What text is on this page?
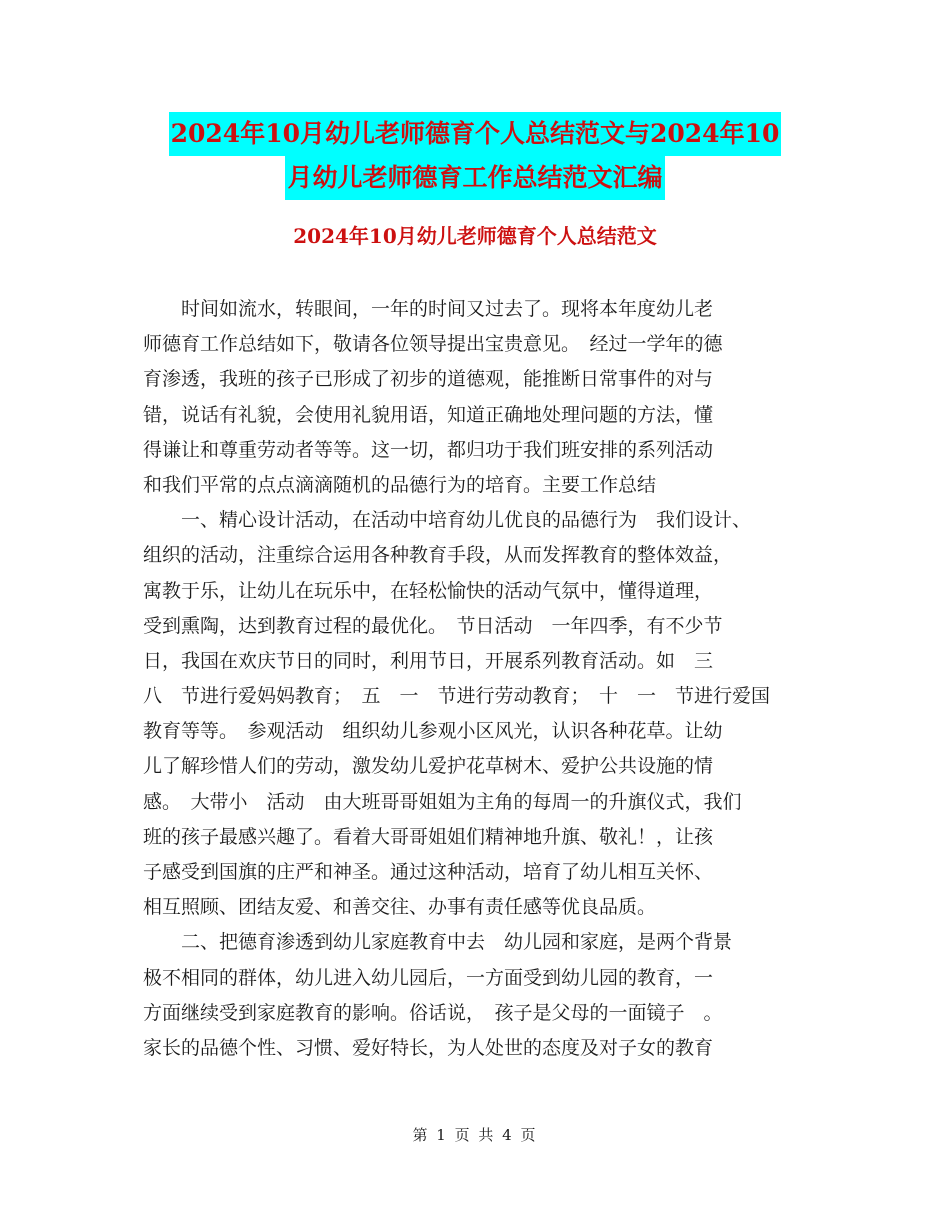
2024年10月幼儿老师德育个人总结范文与2024年10
月幼儿老师德育工作总结范文汇编
2024年10月幼儿老师德育个人总结范文
　　时间如流水，转眼间，一年的时间又过去了。现将本年度幼儿老
师德育工作总结如下，敬请各位领导提出宝贵意见。　经过一学年的德
育渗透，我班的孩子已形成了初步的道德观，能推断日常事件的对与
错，说话有礼貌，会使用礼貌用语，知道正确地处理问题的方法，懂
得谦让和尊重劳动者等等。这一切，都归功于我们班安排的系列活动
和我们平常的点点滴滴随机的品德行为的培育。主要工作总结
　　一、精心设计活动，在活动中培育幼儿优良的品德行为　我们设计、
组织的活动，注重综合运用各种教育手段，从而发挥教育的整体效益，
寓教于乐，让幼儿在玩乐中，在轻松愉快的活动气氛中，懂得道理，
受到熏陶，达到教育过程的最优化。　节日活动　一年四季，有不少节
日，我国在欢庆节日的同时，利用节日，开展系列教育活动。如　三
八　节进行爱妈妈教育；　五　一　节进行劳动教育；　十　一　节进行爱国
教育等等。　参观活动　组织幼儿参观小区风光，认识各种花草。让幼
儿了解珍惜人们的劳动，激发幼儿爱护花草树木、爱护公共设施的情
感。　大带小　活动　由大班哥哥姐姐为主角的每周一的升旗仪式，我们
班的孩子最感兴趣了。看着大哥哥姐姐们精神地升旗、敬礼！，让孩
子感受到国旗的庄严和神圣。通过这种活动，培育了幼儿相互关怀、
相互照顾、团结友爱、和善交往、办事有责任感等优良品质。
　　二、把德育渗透到幼儿家庭教育中去　幼儿园和家庭，是两个背景
极不相同的群体，幼儿进入幼儿园后，一方面受到幼儿园的教育，一
方面继续受到家庭教育的影响。俗话说，　孩子是父母的一面镜子　。
家长的品德个性、习惯、爱好特长，为人处世的态度及对子女的教育
第 1 页 共 4 页
